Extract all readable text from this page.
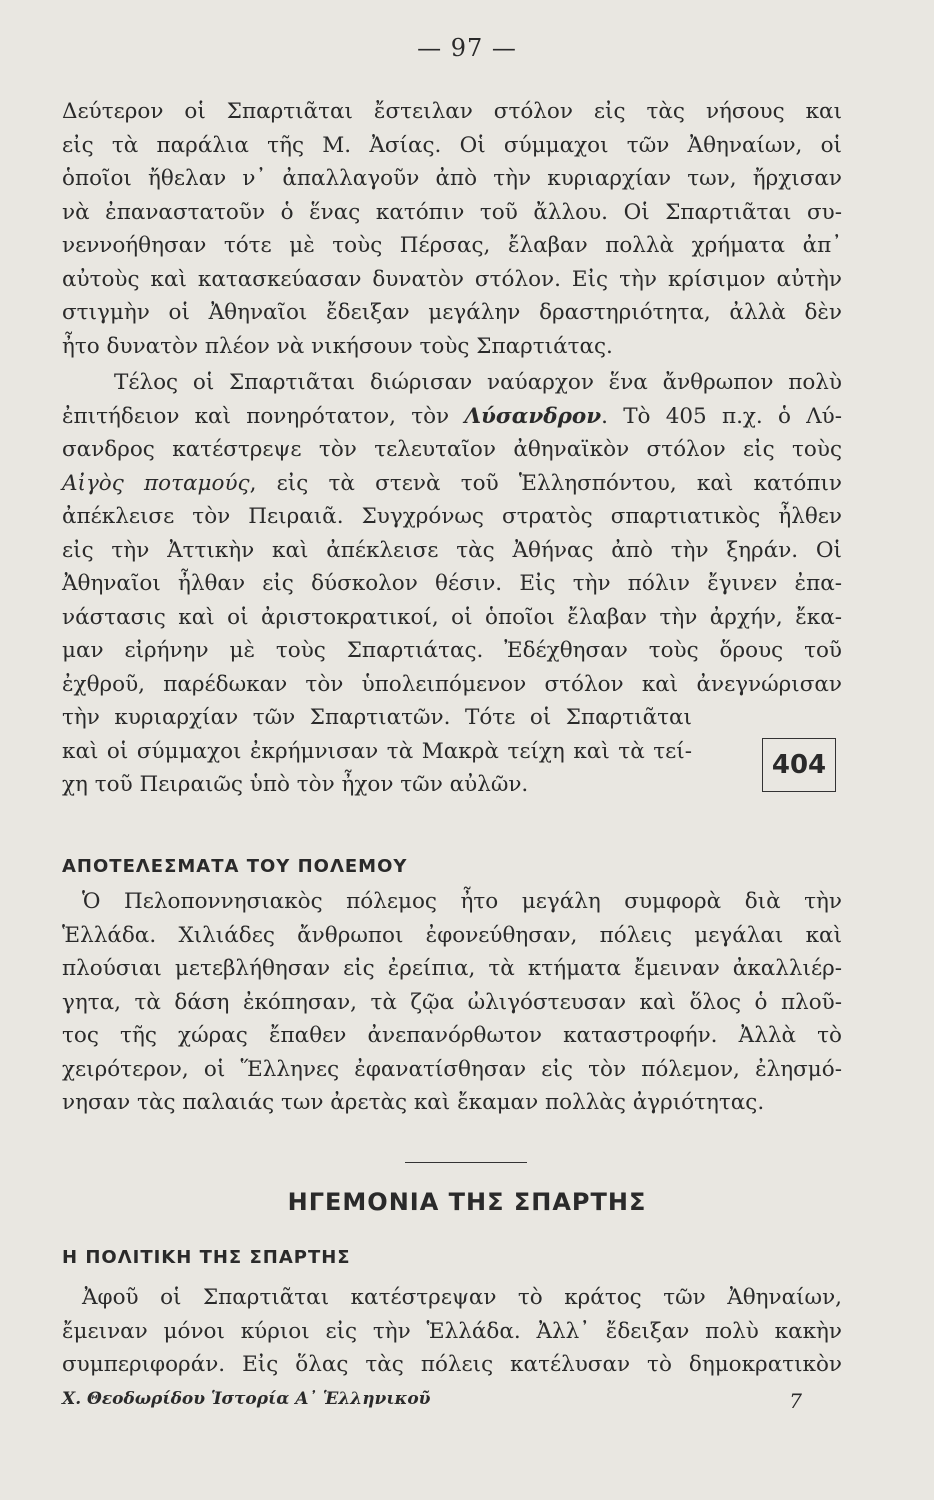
— 97 —
Δεύτερον οἱ Σπαρτιᾶται ἔστειλαν στόλον εἰς τὰς νήσους και
εἰς τὰ παράλια τῆς Μ. Ἀσίας. Οἱ σύμμαχοι τῶν Ἀθηναίων, οἱ
ὁποῖοι ἤθελαν ν᾽ ἀπαλλαγοῦν ἀπὸ τὴν κυριαρχίαν των, ἤρχισαν
νὰ ἐπαναστατοῦν ὁ ἕνας κατόπιν τοῦ ἄλλου. Οἱ Σπαρτιᾶται συ-
νεννοήθησαν τότε μὲ τοὺς Πέρσας, ἔλαβαν πολλὰ χρήματα ἀπ᾽
αὐτοὺς καὶ κατασκεύασαν δυνατὸν στόλον. Εἰς τὴν κρίσιμον αὐτὴν
στιγμὴν οἱ Ἀθηναῖοι ἔδειξαν μεγάλην δραστηριότητα, ἀλλὰ δὲν
ἦτο δυνατὸν πλέον νὰ νικήσουν τοὺς Σπαρτιάτας.
Τέλος οἱ Σπαρτιᾶται διώρισαν ναύαρχον ἕνα ἄνθρωπον πολὺ
ἐπιτήδειον καὶ πονηρότατον, τὸν Λύσανδρον. Τὸ 405 π.χ. ὁ Λύ-
σανδρος κατέστρεψε τὸν τελευταῖον ἀθηναϊκὸν στόλον εἰς τοὺς
Αἰγὸς ποταμούς, εἰς τὰ στενὰ τοῦ Ἑλλησπόντου, καὶ κατόπιν
ἀπέκλεισε τὸν Πειραιᾶ. Συγχρόνως στρατὸς σπαρτιατικὸς ἦλθεν
εἰς τὴν Ἀττικὴν καὶ ἀπέκλεισε τὰς Ἀθήνας ἀπὸ τὴν ξηράν. Οἱ
Ἀθηναῖοι ἦλθαν εἰς δύσκολον θέσιν. Εἰς τὴν πόλιν ἔγινεν ἐπα-
νάστασις καὶ οἱ ἀριστοκρατικοί, οἱ ὁποῖοι ἔλαβαν τὴν ἀρχήν, ἔκα-
μαν εἰρήνην μὲ τοὺς Σπαρτιάτας. Ἐδέχθησαν τοὺς ὅρους τοῦ
ἐχθροῦ, παρέδωκαν τὸν ὑπολειπόμενον στόλον καὶ ἀνεγνώρισαν
τὴν κυριαρχίαν τῶν Σπαρτιατῶν. Τότε οἱ Σπαρτιᾶται
καὶ οἱ σύμμαχοι ἐκρήμνισαν τὰ Μακρὰ τείχη καὶ τὰ τεί-
χη τοῦ Πειραιῶς ὑπὸ τὸν ἦχον τῶν αὐλῶν.
404
ΑΠΟΤΕΛΕΣΜΑΤΑ ΤΟΥ ΠΟΛΕΜΟΥ
Ὁ Πελοποννησιακὸς πόλεμος ἦτο μεγάλη συμφορὰ διὰ τὴν
Ἑλλάδα. Χιλιάδες ἄνθρωποι ἐφονεύθησαν, πόλεις μεγάλαι καὶ
πλούσιαι μετεβλήθησαν εἰς ἐρείπια, τὰ κτήματα ἔμειναν ἀκαλλιέρ-
γητα, τὰ δάση ἐκόπησαν, τὰ ζῷα ὠλιγόστευσαν καὶ ὅλος ὁ πλοῦ-
τος τῆς χώρας ἔπαθεν ἀνεπανόρθωτον καταστροφήν. Ἀλλὰ τὸ
χειρότερον, οἱ Ἕλληνες ἐφανατίσθησαν εἰς τὸν πόλεμον, ἐλησμό-
νησαν τὰς παλαιάς των ἀρετὰς καὶ ἔκαμαν πολλὰς ἀγριότητας.
ΗΓΕΜΟΝΙΑ ΤΗΣ ΣΠΑΡΤΗΣ
Η ΠΟΛΙΤΙΚΗ ΤΗΣ ΣΠΑΡΤΗΣ
Ἀφοῦ οἱ Σπαρτιᾶται κατέστρεψαν τὸ κράτος τῶν Ἀθηναίων,
ἔμειναν μόνοι κύριοι εἰς τὴν Ἑλλάδα. Ἀλλ᾽ ἔδειξαν πολὺ κακὴν
συμπεριφοράν. Εἰς ὅλας τὰς πόλεις κατέλυσαν τὸ δημοκρατικὸν
Χ. Θεοδωρίδου Ἱστορία Α᾽ Ἑλληνικοῦ	7
